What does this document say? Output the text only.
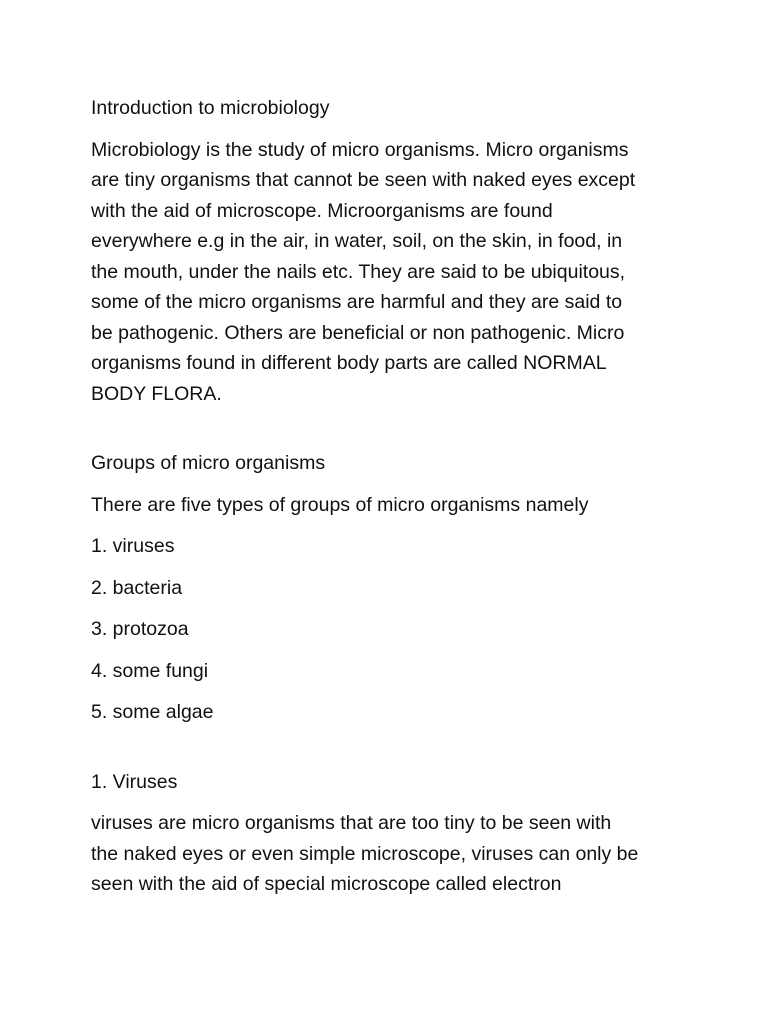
Introduction to microbiology

Microbiology is the study of micro organisms. Micro organisms
are tiny organisms that cannot be seen with naked eyes except
with the aid of microscope. Microorganisms are found
everywhere e.g in the air, in water, soil, on the skin, in food, in
the mouth, under the nails etc. They are said to be ubiquitous,
some of the micro organisms are harmful and they are said to
be pathogenic. Others are beneficial or non pathogenic. Micro
organisms found in different body parts are called NORMAL
BODY FLORA.

Groups of micro organisms

There are five types of groups of micro organisms namely

1. viruses

2. bacteria

3. protozoa

4. some fungi

5. some algae

1. Viruses

viruses are micro organisms that are too tiny to be seen with
the naked eyes or even simple microscope, viruses can only be
seen with the aid of special microscope called electron
